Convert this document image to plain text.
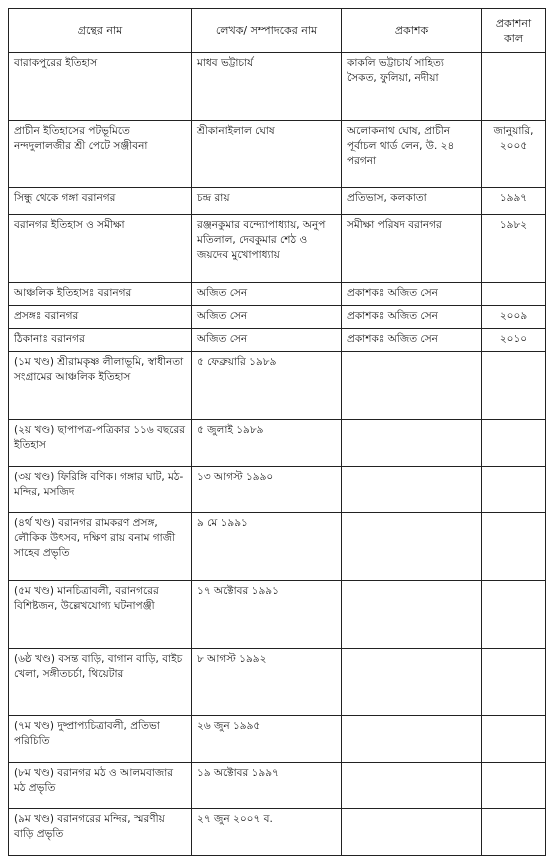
গ্রন্থের নাম	লেখক/ সম্পাদকের নাম	প্রকাশক	প্রকাশনা কাল
বারাকপুরের ইতিহাস	মাধব ভট্টাচার্য	কাকলি ভট্টাচার্য সাহিত্য সৈকত, ফুলিয়া, নদীয়া	
প্রাচীন ইতিহাসের পটভূমিতে নন্দদুলালজীর শ্রী পেটে সঞ্জীবনা	শ্রীকানাইলাল ঘোষ	অলোকনাথ ঘোষ, প্রাচীন পূর্বাচল থার্ড লেন, উ. ২৪ পরগনা	জানুয়ারি, ২০০৫
সিন্ধু থেকে গঙ্গা বরানগর	চন্দ্র রায়	প্রতিভাস, কলকাতা	১৯৯৭
বরানগর ইতিহাস ও সমীক্ষা	রঞ্জনকুমার বন্দ্যোপাধ্যায়, অনুপ মতিলাল, দেবকুমার শেঠ ও জয়দেব মুখোপাধ্যায়	সমীক্ষা পরিষদ বরানগর	১৯৮২
আঞ্চলিক ইতিহাসঃ বরানগর	অজিত সেন	প্রকাশকঃ অজিত সেন	
প্রসঙ্গঃ বরানগর	অজিত সেন	প্রকাশকঃ অজিত সেন	২০০৯
ঠিকানাঃ বরানগর	অজিত সেন	প্রকাশকঃ অজিত সেন	২০১০
(১ম খণ্ড) শ্রীরামকৃষ্ণ লীলাভূমি, স্বাধীনতা সংগ্রামের আঞ্চলিক ইতিহাস	৫ ফেব্রুয়ারি ১৯৮৯		
(২য় খণ্ড) ছাপাপত্র-পত্রিকার ১১৬ বছরের ইতিহাস	৫ জুলাই ১৯৮৯		
(৩য় খণ্ড) ফিরিঙ্গি বণিক। গঙ্গার ঘাট, মঠ-মন্দির, মসজিদ	১৩ আগস্ট ১৯৯০		
(৪র্থ খণ্ড) বরানগর রামকরণ প্রসঙ্গ, লৌকিক উৎসব, দক্ষিণ রায় বনাম গাজী সাহেব প্রভৃতি	৯ মে ১৯৯১		
(৫ম খণ্ড) মানচিত্রাবলী, বরানগরের বিশিষ্টজন, উল্লেখযোগ্য ঘটনাপঞ্জী	১৭ অক্টোবর ১৯৯১		
(৬ষ্ঠ খণ্ড) বসন্ত বাড়ি, বাগান বাড়ি, বাইচ খেলা, সঙ্গীতচর্চা, থিয়েটার	৮ আগস্ট ১৯৯২		
(৭ম খণ্ড) দুষ্প্রাপ্যচিত্রাবলী, প্রতিভা পরিচিতি	২৬ জুন ১৯৯৫		
(৮ম খণ্ড) বরানগর মঠ ও আলমবাজার মঠ প্রভৃতি	১৯ অক্টোবর ১৯৯৭		
(৯ম খণ্ড) বরানগরের মন্দির, স্মরণীয় বাড়ি প্রভৃতি	২৭ জুন ২০০৭ ব.		
